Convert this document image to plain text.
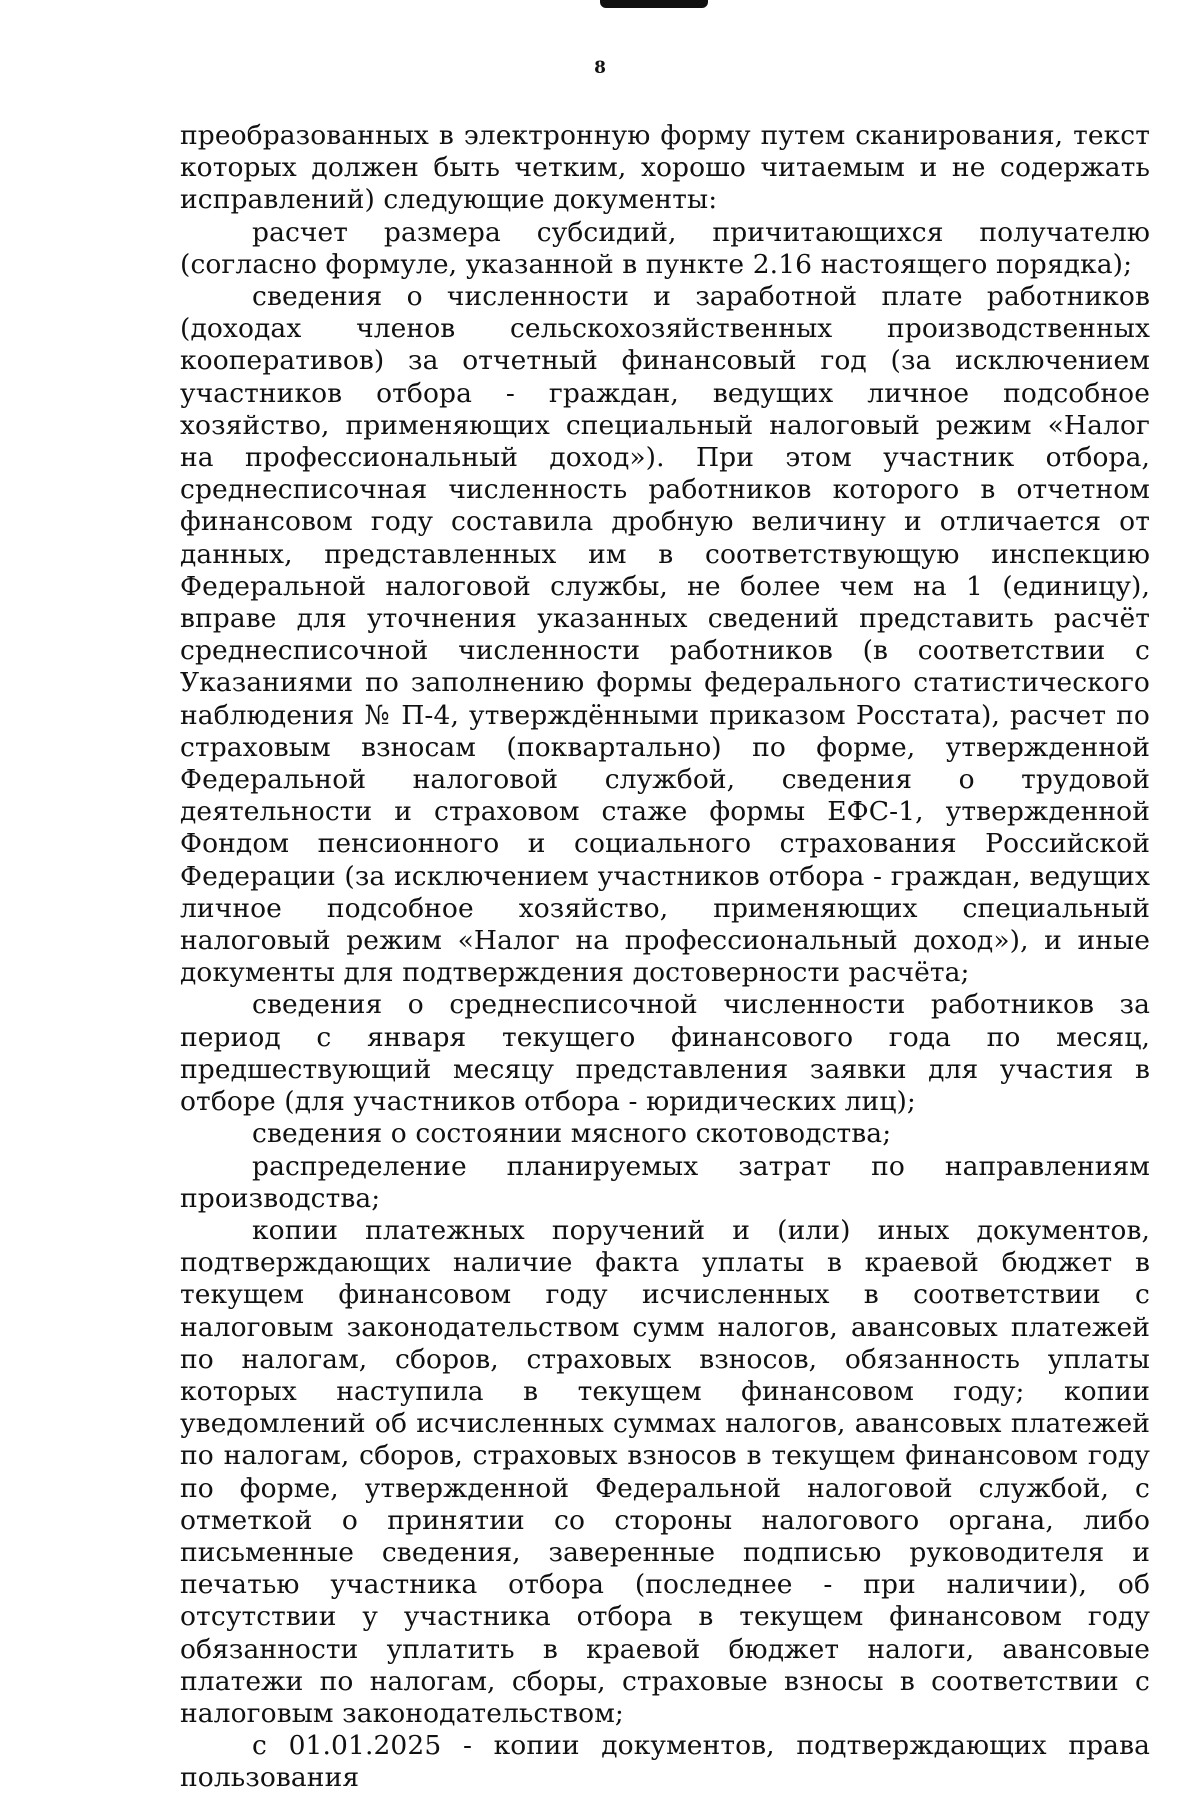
8

преобразованных в электронную форму путем сканирования, текст которых должен быть четким, хорошо читаемым и не содержать исправлений) следующие документы:

расчет размера субсидий, причитающихся получателю (согласно формуле, указанной в пункте 2.16 настоящего порядка);

сведения о численности и заработной плате работников (доходах членов сельскохозяйственных производственных кооперативов) за отчетный финансовый год (за исключением участников отбора - граждан, ведущих личное подсобное хозяйство, применяющих специальный налоговый режим «Налог на профессиональный доход»). При этом участник отбора, среднесписочная численность работников которого в отчетном финансовом году составила дробную величину и отличается от данных, представленных им в соответствующую инспекцию Федеральной налоговой службы, не более чем на 1 (единицу), вправе для уточнения указанных сведений представить расчёт среднесписочной численности работников (в соответствии с Указаниями по заполнению формы федерального статистического наблюдения № П-4, утверждёнными приказом Росстата), расчет по страховым взносам (поквартально) по форме, утвержденной Федеральной налоговой службой, сведения о трудовой деятельности и страховом стаже формы ЕФС-1, утвержденной Фондом пенсионного и социального страхования Российской Федерации (за исключением участников отбора - граждан, ведущих личное подсобное хозяйство, применяющих специальный налоговый режим «Налог на профессиональный доход»), и иные документы для подтверждения достоверности расчёта;

сведения о среднесписочной численности работников за период с января текущего финансового года по месяц, предшествующий месяцу представления заявки для участия в отборе (для участников отбора - юридических лиц);

сведения о состоянии мясного скотоводства;

распределение планируемых затрат по направлениям производства;

копии платежных поручений и (или) иных документов, подтверждающих наличие факта уплаты в краевой бюджет в текущем финансовом году исчисленных в соответствии с налоговым законодательством сумм налогов, авансовых платежей по налогам, сборов, страховых взносов, обязанность уплаты которых наступила в текущем финансовом году; копии уведомлений об исчисленных суммах налогов, авансовых платежей по налогам, сборов, страховых взносов в текущем финансовом году по форме, утвержденной Федеральной налоговой службой, с отметкой о принятии со стороны налогового органа, либо письменные сведения, заверенные подписью руководителя и печатью участника отбора (последнее - при наличии), об отсутствии у участника отбора в текущем финансовом году обязанности уплатить в краевой бюджет налоги, авансовые платежи по налогам, сборы, страховые взносы в соответствии с налоговым законодательством;

с 01.01.2025 - копии документов, подтверждающих права пользования
